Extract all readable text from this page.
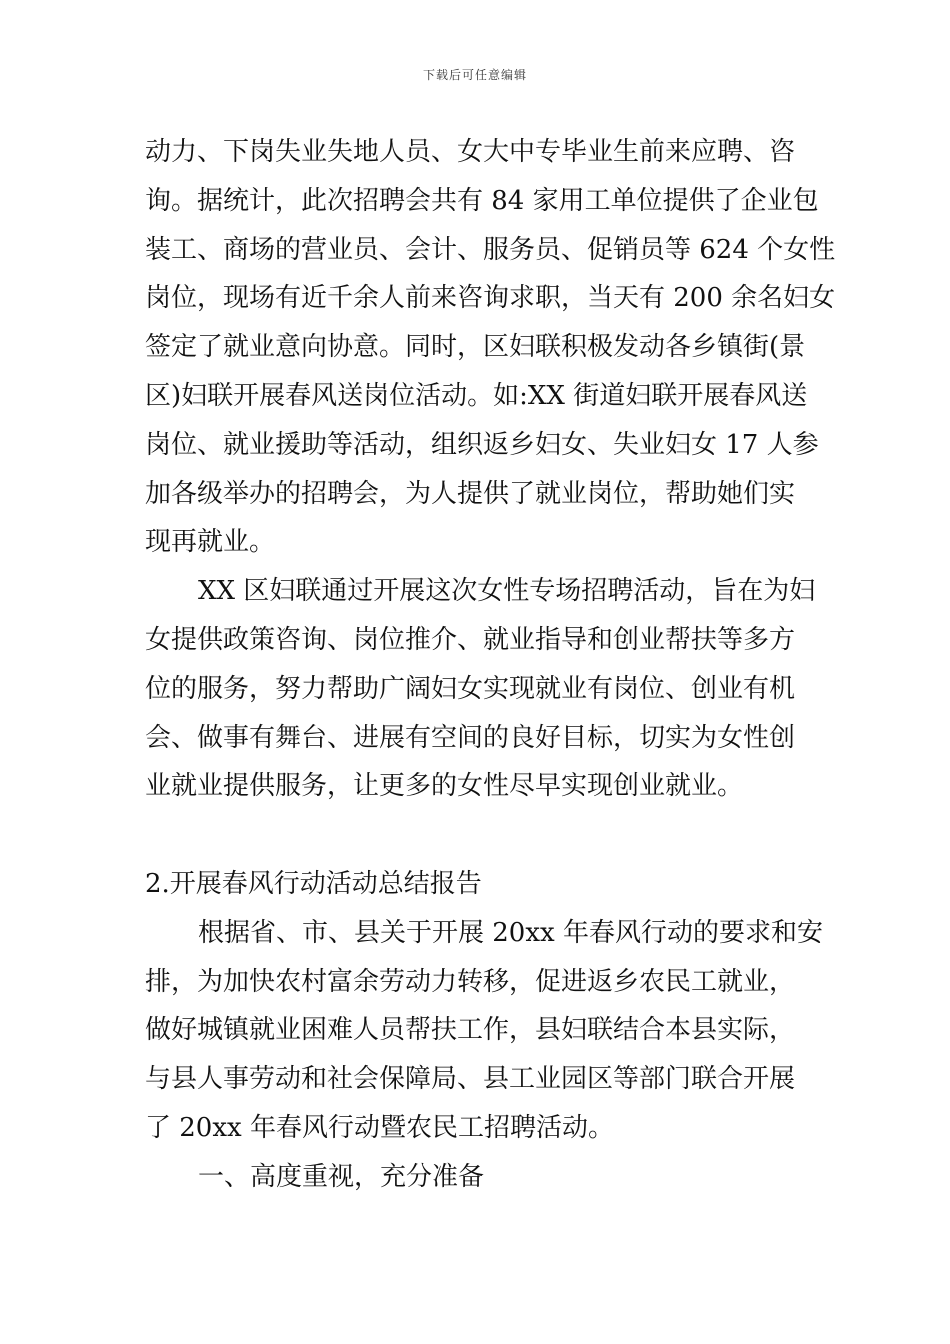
下载后可任意编辑
动力、下岗失业失地人员、女大中专毕业生前来应聘、咨
询。据统计，此次招聘会共有 84 家用工单位提供了企业包
装工、商场的营业员、会计、服务员、促销员等 624 个女性
岗位，现场有近千余人前来咨询求职，当天有 200 余名妇女
签定了就业意向协意。同时，区妇联积极发动各乡镇街(景
区)妇联开展春风送岗位活动。如:XX 街道妇联开展春风送
岗位、就业援助等活动，组织返乡妇女、失业妇女 17 人参
加各级举办的招聘会，为人提供了就业岗位，帮助她们实
现再就业。
XX 区妇联通过开展这次女性专场招聘活动，旨在为妇
女提供政策咨询、岗位推介、就业指导和创业帮扶等多方
位的服务，努力帮助广阔妇女实现就业有岗位、创业有机
会、做事有舞台、进展有空间的良好目标，切实为女性创
业就业提供服务，让更多的女性尽早实现创业就业。
2.开展春风行动活动总结报告
根据省、市、县关于开展 20xx 年春风行动的要求和安
排，为加快农村富余劳动力转移，促进返乡农民工就业，
做好城镇就业困难人员帮扶工作，县妇联结合本县实际，
与县人事劳动和社会保障局、县工业园区等部门联合开展
了 20xx 年春风行动暨农民工招聘活动。
一、高度重视，充分准备
